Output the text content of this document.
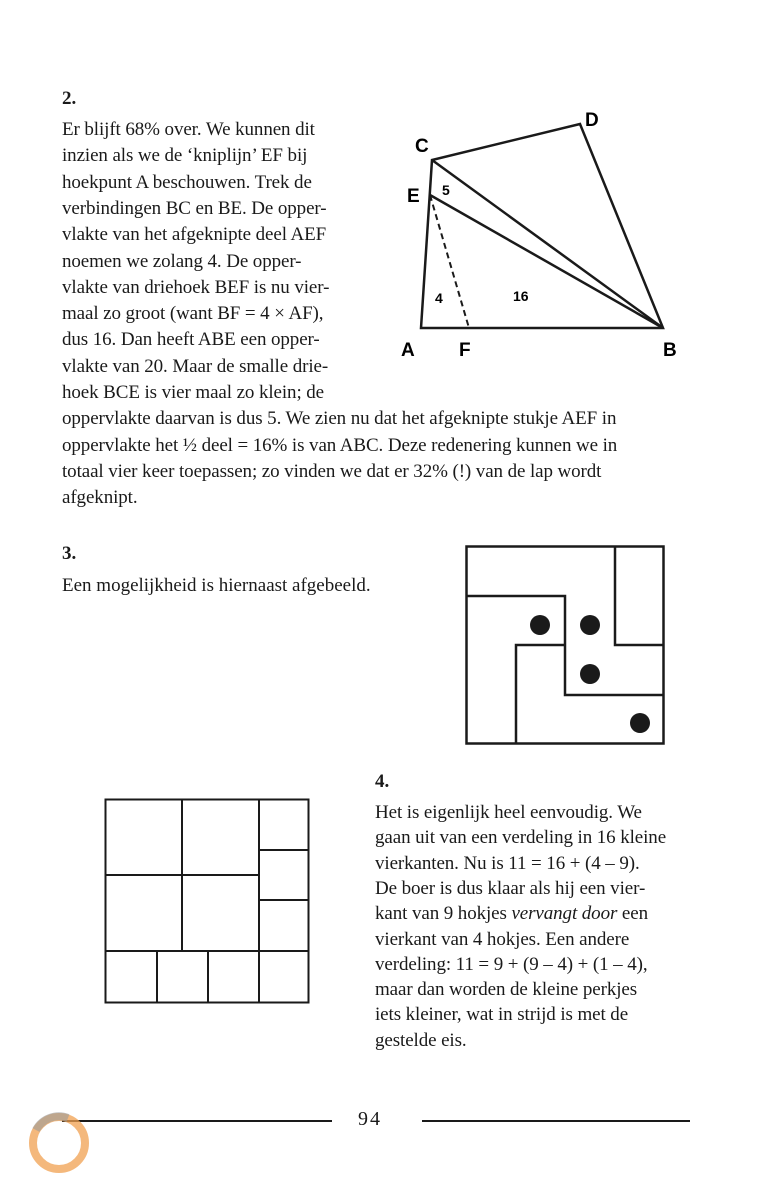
2.
Er blijft 68% over. We kunnen dit
inzien als we de ‘kniplijn’ EF bij
hoekpunt A beschouwen. Trek de
verbindingen BC en BE. De opper-
vlakte van het afgeknipte deel AEF
noemen we zolang 4. De opper-
vlakte van driehoek BEF is nu vier-
maal zo groot (want BF = 4 × AF),
dus 16. Dan heeft ABE een opper-
vlakte van 20. Maar de smalle drie-
hoek BCE is vier maal zo klein; de
oppervlakte daarvan is dus 5. We zien nu dat het afgeknipte stukje AEF in
oppervlakte het ½ deel = 16% is van ABC. Deze redenering kunnen we in
totaal vier keer toepassen; zo vinden we dat er 32% (!) van de lap wordt
afgeknipt.
D
C
E 5
4	16
A F	B
3.
Een mogelijkheid is hiernaast afgebeeld.
4.
Het is eigenlijk heel eenvoudig. We
gaan uit van een verdeling in 16 kleine
vierkanten. Nu is 11 = 16 + (4 – 9).
De boer is dus klaar als hij een vier-
kant van 9 hokjes vervangt door een
vierkant van 4 hokjes. Een andere
verdeling: 11 = 9 + (9 – 4) + (1 – 4),
maar dan worden de kleine perkjes
iets kleiner, wat in strijd is met de
gestelde eis.
94
